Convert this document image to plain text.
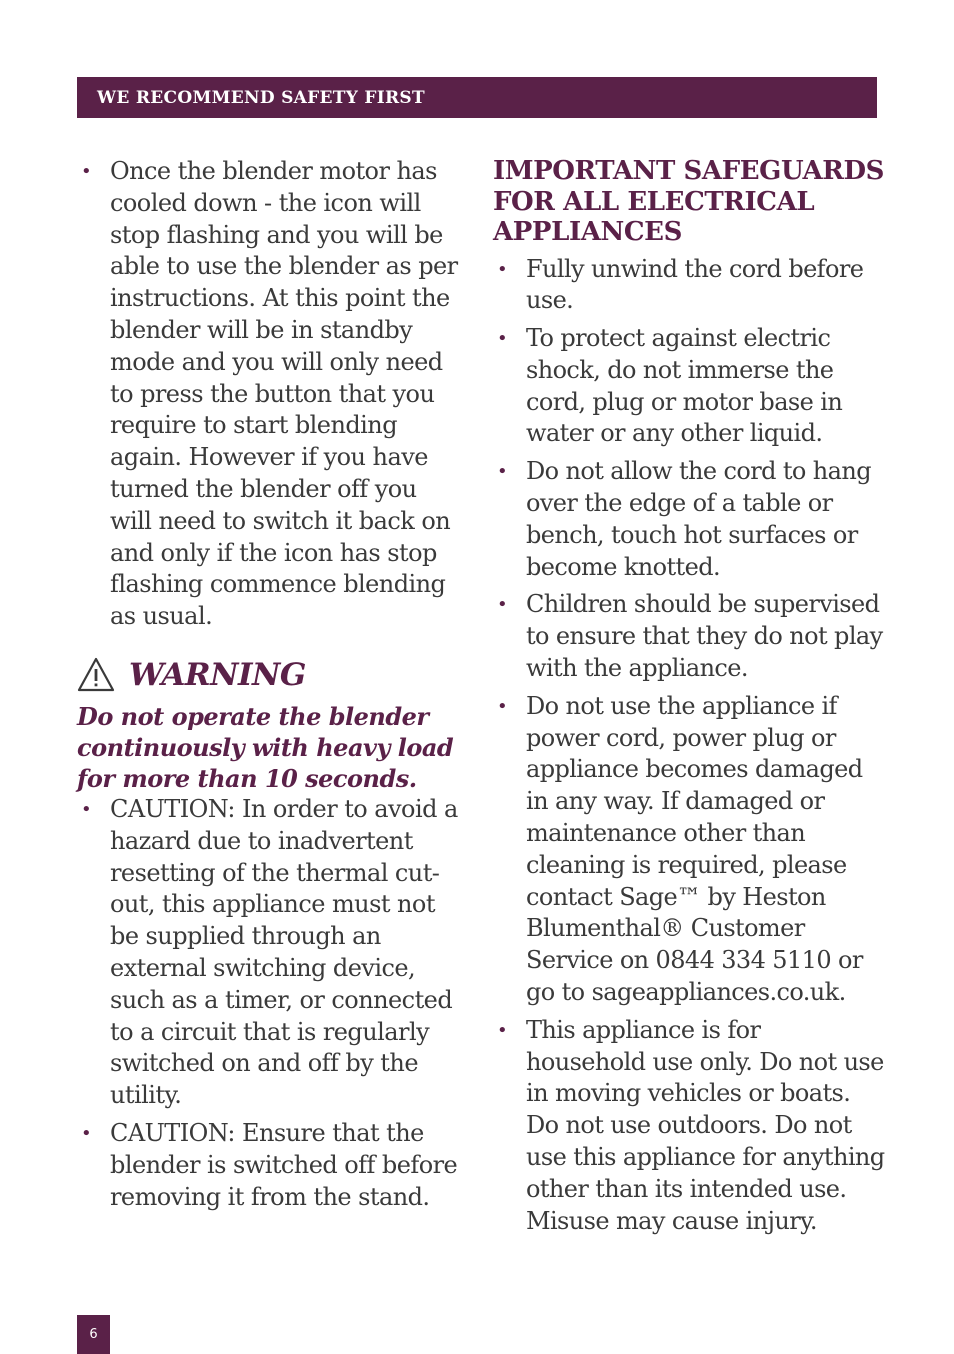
WE RECOMMEND SAFETY FIRST
• Once the blender motor has cooled down - the icon will stop flashing and you will be able to use the blender as per instructions. At this point the blender will be in standby mode and you will only need to press the button that you require to start blending again. However if you have turned the blender off you will need to switch it back on and only if the icon has stop flashing commence blending as usual.
WARNING
Do not operate the blender continuously with heavy load for more than 10 seconds.
• CAUTION: In order to avoid a hazard due to inadvertent resetting of the thermal cut-out, this appliance must not be supplied through an external switching device, such as a timer, or connected to a circuit that is regularly switched on and off by the utility.
• CAUTION: Ensure that the blender is switched off before removing it from the stand.
IMPORTANT SAFEGUARDS FOR ALL ELECTRICAL APPLIANCES
• Fully unwind the cord before use.
• To protect against electric shock, do not immerse the cord, plug or motor base in water or any other liquid.
• Do not allow the cord to hang over the edge of a table or bench, touch hot surfaces or become knotted.
• Children should be supervised to ensure that they do not play with the appliance.
• Do not use the appliance if power cord, power plug or appliance becomes damaged in any way. If damaged or maintenance other than cleaning is required, please contact Sage™ by Heston Blumenthal® Customer Service on 0844 334 5110 or go to sageappliances.co.uk.
• This appliance is for household use only. Do not use in moving vehicles or boats. Do not use outdoors. Do not use this appliance for anything other than its intended use. Misuse may cause injury.
6
